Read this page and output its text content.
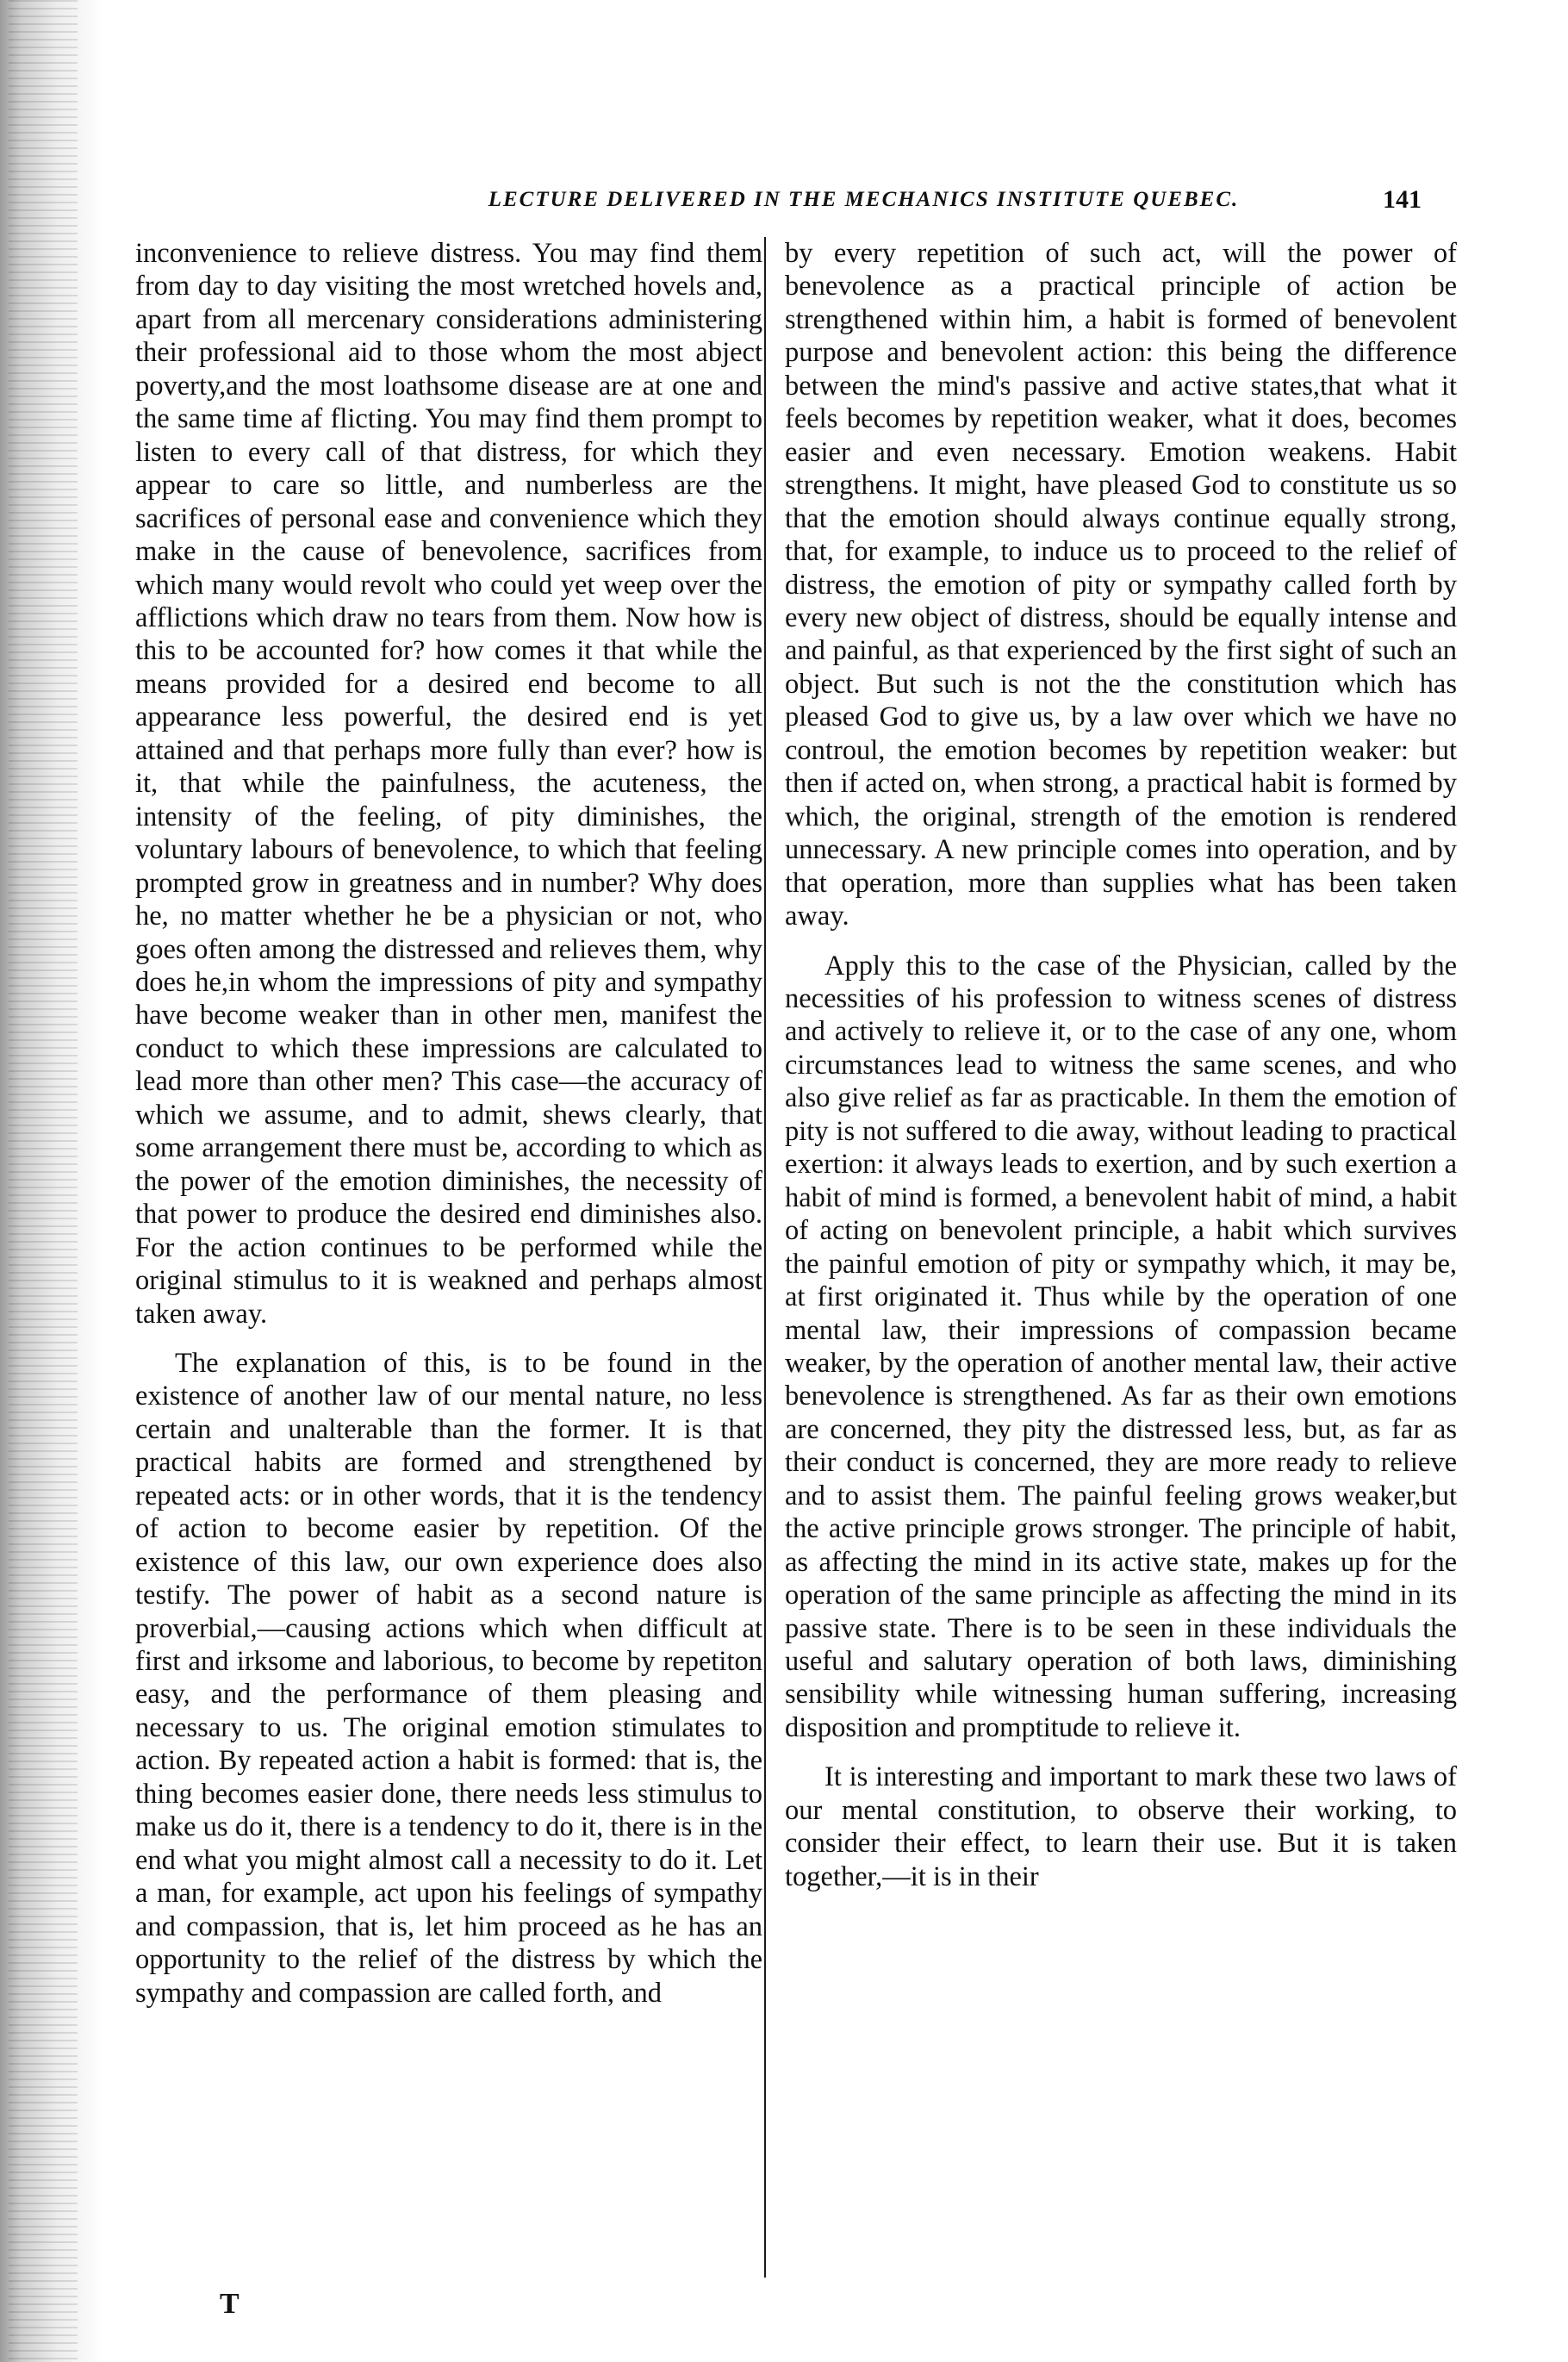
LECTURE DELIVERED IN THE MECHANICS INSTITUTE QUEBEC.	141

inconvenience to relieve distress. You may find them from day to day visiting the most wretched hovels and, apart from all mercenary considerations administering their professional aid to those whom the most abject poverty,and the most loathsome disease are at one and the same time af flicting. You may find them prompt to listen to every call of that distress, for which they appear to care so little, and numberless are the sacrifices of personal ease and convenience which they make in the cause of benevolence, sacrifices from which many would revolt who could yet weep over the afflictions which draw no tears from them. Now how is this to be accounted for? how comes it that while the means provided for a desired end become to all appearance less powerful, the desired end is yet attained and that perhaps more fully than ever? how is it, that while the painfulness, the acuteness, the intensity of the feeling, of pity diminishes, the voluntary labours of benevolence, to which that feeling prompted grow in greatness and in number? Why does he, no matter whether he be a physician or not, who goes often among the distressed and relieves them, why does he,in whom the impressions of pity and sympathy have become weaker than in other men, manifest the conduct to which these impressions are calculated to lead more than other men? This case—the accuracy of which we assume, and to admit, shews clearly, that some arrangement there must be, according to which as the power of the emotion diminishes, the necessity of that power to produce the desired end diminishes also. For the action continues to be performed while the original stimulus to it is weakned and perhaps almost taken away.

The explanation of this, is to be found in the existence of another law of our mental nature, no less certain and unalterable than the former. It is that practical habits are formed and strengthened by repeated acts: or in other words, that it is the tendency of action to become easier by repetition. Of the existence of this law, our own experience does also testify. The power of habit as a second nature is proverbial,—causing actions which when difficult at first and irksome and laborious, to become by repetiton easy, and the performance of them pleasing and necessary to us. The original emotion stimulates to action. By repeated action a habit is formed: that is, the thing becomes easier done, there needs less stimulus to make us do it, there is a tendency to do it, there is in the end what you might almost call a necessity to do it. Let a man, for example, act upon his feelings of sympathy and compassion, that is, let him proceed as he has an opportunity to the relief of the distress by which the sympathy and compassion are called forth, and

by every repetition of such act, will the power of benevolence as a practical principle of action be strengthened within him, a habit is formed of benevolent purpose and benevolent action: this being the difference between the mind's passive and active states,that what it feels becomes by repetition weaker, what it does, becomes easier and even necessary. Emotion weakens. Habit strengthens. It might, have pleased God to constitute us so that the emotion should always continue equally strong, that, for example, to induce us to proceed to the relief of distress, the emotion of pity or sympathy called forth by every new object of distress, should be equally intense and and painful, as that experienced by the first sight of such an object. But such is not the the constitution which has pleased God to give us, by a law over which we have no controul, the emotion becomes by repetition weaker: but then if acted on, when strong, a practical habit is formed by which, the original, strength of the emotion is rendered unnecessary. A new principle comes into operation, and by that operation, more than supplies what has been taken away.

Apply this to the case of the Physician, called by the necessities of his profession to witness scenes of distress and actively to relieve it, or to the case of any one, whom circumstances lead to witness the same scenes, and who also give relief as far as practicable. In them the emotion of pity is not suffered to die away, without leading to practical exertion: it always leads to exertion, and by such exertion a habit of mind is formed, a benevolent habit of mind, a habit of acting on benevolent principle, a habit which survives the painful emotion of pity or sympathy which, it may be, at first originated it. Thus while by the operation of one mental law, their impressions of compassion became weaker, by the operation of another mental law, their active benevolence is strengthened. As far as their own emotions are concerned, they pity the distressed less, but, as far as their conduct is concerned, they are more ready to relieve and to assist them. The painful feeling grows weaker,but the active principle grows stronger. The principle of habit, as affecting the mind in its active state, makes up for the operation of the same principle as affecting the mind in its passive state. There is to be seen in these individuals the useful and salutary operation of both laws, diminishing sensibility while witnessing human suffering, increasing disposition and promptitude to relieve it.

It is interesting and important to mark these two laws of our mental constitution, to observe their working, to consider their effect, to learn their use. But it is taken together,—it is in their

T
